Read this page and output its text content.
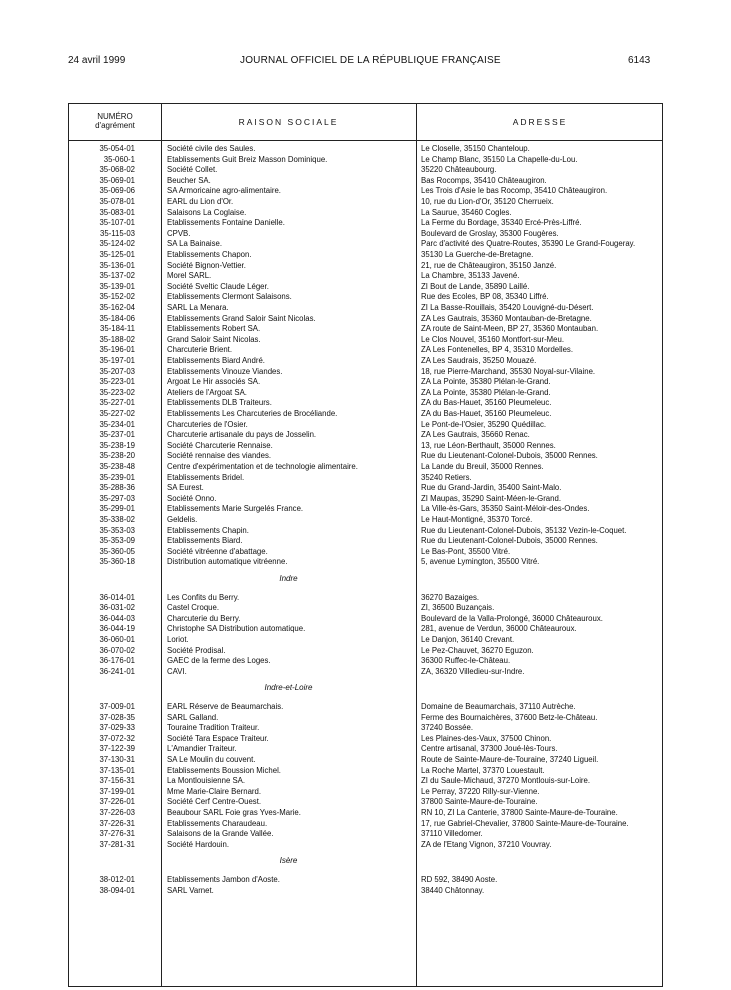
24 avril 1999	JOURNAL OFFICIEL DE LA RÉPUBLIQUE FRANÇAISE	6143
NUMÉRO
d'agrément	RAISON SOCIALE	ADRESSE
35-054-01	Société civile des Saules.	Le Closelle, 35150 Chanteloup.
35-060-1	Etablissements Guit Breiz Masson Dominique.	Le Champ Blanc, 35150 La Chapelle-du-Lou.
35-068-02	Société Collet.	35220 Châteaubourg.
35-069-01	Beucher SA.	Bas Rocomps, 35410 Châteaugiron.
35-069-06	SA Armoricaine agro-alimentaire.	Les Trois d'Asie le bas Rocomp, 35410 Châteaugiron.
35-078-01	EARL du Lion d'Or.	10, rue du Lion-d'Or, 35120 Cherrueix.
35-083-01	Salaisons La Coglaise.	La Saurue, 35460 Cogles.
35-107-01	Etablissements Fontaine Danielle.	La Ferme du Bordage, 35340 Ercé-Près-Liffré.
35-115-03	CPVB.	Boulevard de Groslay, 35300 Fougères.
35-124-02	SA La Bainaise.	Parc d'activité des Quatre-Routes, 35390 Le Grand-Fougeray.
35-125-01	Etablissements Chapon.	35130 La Guerche-de-Bretagne.
35-136-01	Société Bignon-Vettier.	21, rue de Châteaugiron, 35150 Janzé.
35-137-02	Morel SARL.	La Chambre, 35133 Javené.
35-139-01	Société Sveltic Claude Léger.	ZI Bout de Lande, 35890 Laillé.
35-152-02	Etablissements Clermont Salaisons.	Rue des Ecoles, BP 08, 35340 Liffré.
35-162-04	SARL La Menara.	ZI La Basse-Rouillais, 35420 Louvigné-du-Désert.
35-184-06	Etablissements Grand Saloir Saint Nicolas.	ZA Les Gautrais, 35360 Montauban-de-Bretagne.
35-184-11	Etablissements Robert SA.	ZA route de Saint-Meen, BP 27, 35360 Montauban.
35-188-02	Grand Saloir Saint Nicolas.	Le Clos Nouvel, 35160 Montfort-sur-Meu.
35-196-01	Charcuterie Brient.	ZA Les Fontenelles, BP 4, 35310 Mordelles.
35-197-01	Etablissements Biard André.	ZA Les Saudrais, 35250 Mouazé.
35-207-03	Etablissements Vinouze Viandes.	18, rue Pierre-Marchand, 35530 Noyal-sur-Vilaine.
35-223-01	Argoat Le Hir associés SA.	ZA La Pointe, 35380 Plélan-le-Grand.
35-223-02	Ateliers de l'Argoat SA.	ZA La Pointe, 35380 Plélan-le-Grand.
35-227-01	Etablissements DLB Traiteurs.	ZA du Bas-Hauet, 35160 Pleumeleuc.
35-227-02	Etablissements Les Charcuteries de Brocéliande.	ZA du Bas-Hauet, 35160 Pleumeleuc.
35-234-01	Charcuteries de l'Osier.	Le Pont-de-l'Osier, 35290 Quédillac.
35-237-01	Charcuterie artisanale du pays de Josselin.	ZA Les Gautrais, 35660 Renac.
35-238-19	Société Charcuterie Rennaise.	13, rue Léon-Berthault, 35000 Rennes.
35-238-20	Société rennaise des viandes.	Rue du Lieutenant-Colonel-Dubois, 35000 Rennes.
35-238-48	Centre d'expérimentation et de technologie alimentaire.	La Lande du Breuil, 35000 Rennes.
35-239-01	Etablissements Bridel.	35240 Retiers.
35-288-36	SA Eurest.	Rue du Grand-Jardin, 35400 Saint-Malo.
35-297-03	Société Onno.	ZI Maupas, 35290 Saint-Méen-le-Grand.
35-299-01	Etablissements Marie Surgelés France.	La Ville-ès-Gars, 35350 Saint-Méloir-des-Ondes.
35-338-02	Geldelis.	Le Haut-Montigné, 35370 Torcé.
35-353-03	Etablissements Chapin.	Rue du Lieutenant-Colonel-Dubois, 35132 Vezin-le-Coquet.
35-353-09	Etablissements Biard.	Rue du Lieutenant-Colonel-Dubois, 35000 Rennes.
35-360-05	Société vitréenne d'abattage.	Le Bas-Pont, 35500 Vitré.
35-360-18	Distribution automatique vitréenne.	5, avenue Lymington, 35500 Vitré.
Indre
36-014-01	Les Confits du Berry.	36270 Bazaiges.
36-031-02	Castel Croque.	ZI, 36500 Buzançais.
36-044-03	Charcuterie du Berry.	Boulevard de la Valla-Prolongé, 36000 Châteauroux.
36-044-19	Christophe SA Distribution automatique.	281, avenue de Verdun, 36000 Châteauroux.
36-060-01	Loriot.	Le Danjon, 36140 Crevant.
36-070-02	Société Prodisal.	Le Pez-Chauvet, 36270 Eguzon.
36-176-01	GAEC de la ferme des Loges.	36300 Ruffec-le-Château.
36-241-01	CAVI.	ZA, 36320 Villedieu-sur-Indre.
Indre-et-Loire
37-009-01	EARL Réserve de Beaumarchais.	Domaine de Beaumarchais, 37110 Autrèche.
37-028-35	SARL Galland.	Ferme des Bournaichères, 37600 Betz-le-Château.
37-029-33	Touraine Tradition Traiteur.	37240 Bossée.
37-072-32	Société Tara Espace Traiteur.	Les Plaines-des-Vaux, 37500 Chinon.
37-122-39	L'Amandier Traiteur.	Centre artisanal, 37300 Joué-lès-Tours.
37-130-31	SA Le Moulin du couvent.	Route de Sainte-Maure-de-Touraine, 37240 Ligueil.
37-135-01	Etablissements Boussion Michel.	La Roche Martel, 37370 Louestault.
37-156-31	La Montlouisienne SA.	ZI du Saule-Michaud, 37270 Montlouis-sur-Loire.
37-199-01	Mme Marie-Claire Bernard.	Le Perray, 37220 Rilly-sur-Vienne.
37-226-01	Société Cerf Centre-Ouest.	37800 Sainte-Maure-de-Touraine.
37-226-03	Beaubour SARL Foie gras Yves-Marie.	RN 10, ZI La Canterie, 37800 Sainte-Maure-de-Touraine.
37-226-31	Etablissements Charaudeau.	17, rue Gabriel-Chevalier, 37800 Sainte-Maure-de-Touraine.
37-276-31	Salaisons de la Grande Vallée.	37110 Villedomer.
37-281-31	Société Hardouin.	ZA de l'Etang Vignon, 37210 Vouvray.
Isère
38-012-01	Etablissements Jambon d'Aoste.	RD 592, 38490 Aoste.
38-094-01	SARL Varnet.	38440 Châtonnay.
